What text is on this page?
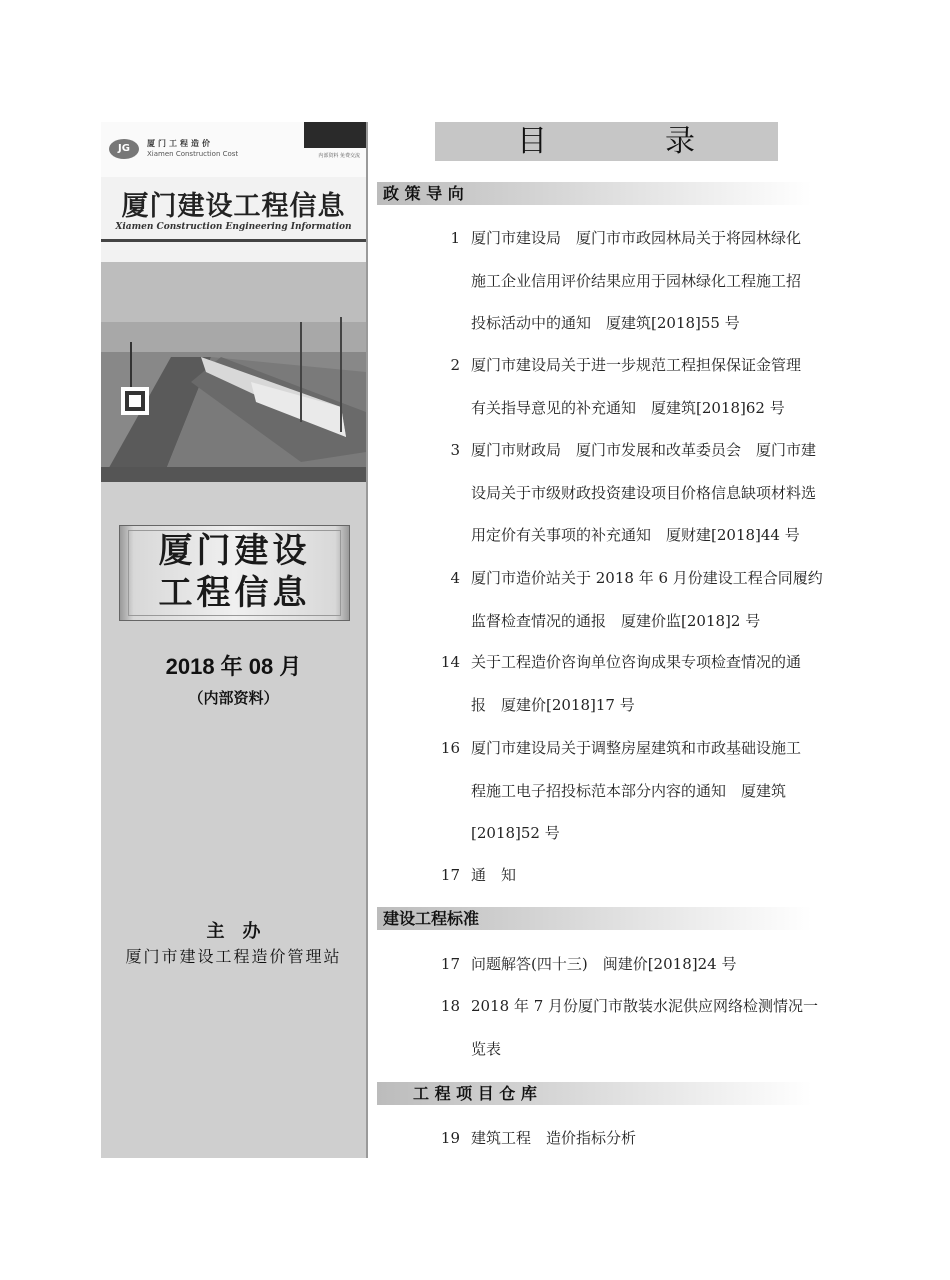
JG	厦门工程造价
Xiamen Construction Cost	内部资料 免费交流
厦门建设工程信息
Xiamen Construction Engineering Information
厦门建设
工程信息
2018 年 08 月
（内部资料）
主　办
厦门市建设工程造价管理站
目	录
政 策 导 向
1 厦门市建设局　厦门市市政园林局关于将园林绿化
施工企业信用评价结果应用于园林绿化工程施工招
投标活动中的通知　厦建筑[2018]55 号
2 厦门市建设局关于进一步规范工程担保保证金管理
有关指导意见的补充通知　厦建筑[2018]62 号
3 厦门市财政局　厦门市发展和改革委员会　厦门市建
设局关于市级财政投资建设项目价格信息缺项材料选
用定价有关事项的补充通知　厦财建[2018]44 号
4 厦门市造价站关于 2018 年 6 月份建设工程合同履约
监督检查情况的通报　厦建价监[2018]2 号
14 关于工程造价咨询单位咨询成果专项检查情况的通
报　厦建价[2018]17 号
16 厦门市建设局关于调整房屋建筑和市政基础设施工
程施工电子招投标范本部分内容的通知　厦建筑
[2018]52 号
17 通　知
建设工程标准
17 问题解答(四十三)　闽建价[2018]24 号
18 2018 年 7 月份厦门市散装水泥供应网络检测情况一
览表
工 程 项 目 仓 库
19 建筑工程　造价指标分析
